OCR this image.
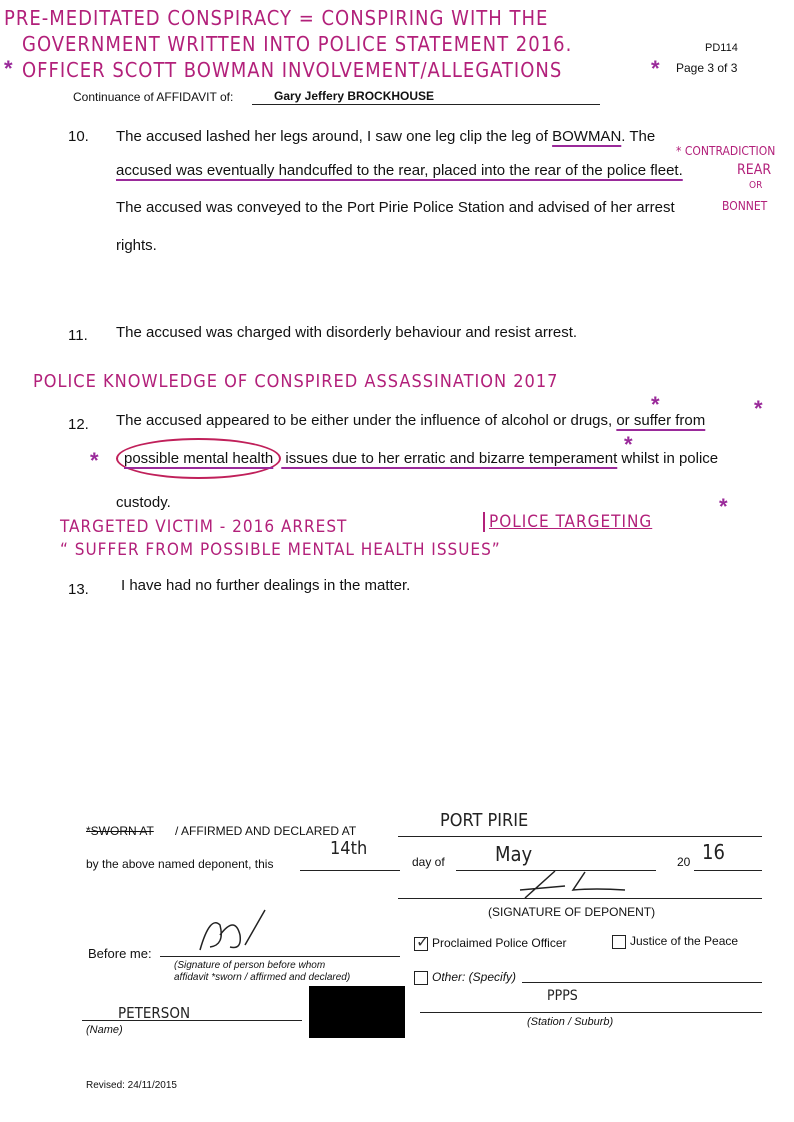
PRE-MEDITATED CONSPIRACY = CONSPIRING WITH THE
GOVERNMENT WRITTEN INTO POLICE STATEMENT 2016.
OFFICER SCOTT BOWMAN INVOLVEMENT/ALLEGATIONS
*	*
PD114
Page 3 of 3
Continuance of AFFIDAVIT of:	Gary Jeffery BROCKHOUSE
10. The accused lashed her legs around, I saw one leg clip the leg of BOWMAN. The
* CONTRADICTION
accused was eventually handcuffed to the rear, placed into the rear of the police fleet.	REAR
OR
The accused was conveyed to the Port Pirie Police Station and advised of her arrest	BONNET
rights.
11. The accused was charged with disorderly behaviour and resist arrest.
POLICE KNOWLEDGE OF CONSPIRED ASSASSINATION 2017
12. The accused appeared to be either under the influence of alcohol or drugs, or suffer from
*	*
*	possible mental health issues due to her erratic and bizarre temperament whilst in police
*
custody.
TARGETED VICTIM - 2016 ARREST	POLICE TARGETING
*
“ SUFFER FROM POSSIBLE MENTAL HEALTH ISSUES”
13. I have had no further dealings in the matter.
*SWORN AT / AFFIRMED AND DECLARED AT	PORT PIRIE
by the above named deponent, this
14th
day of	May	20 16
(SIGNATURE OF DEPONENT)
Before me:
(Signature of person before whom
affidavit *sworn / affirmed and declared)
✓ Proclaimed Police Officer	Justice of the Peace
Other: (Specify)
PETERSON
(Name)
PPPS
(Station / Suburb)
Revised: 24/11/2015
